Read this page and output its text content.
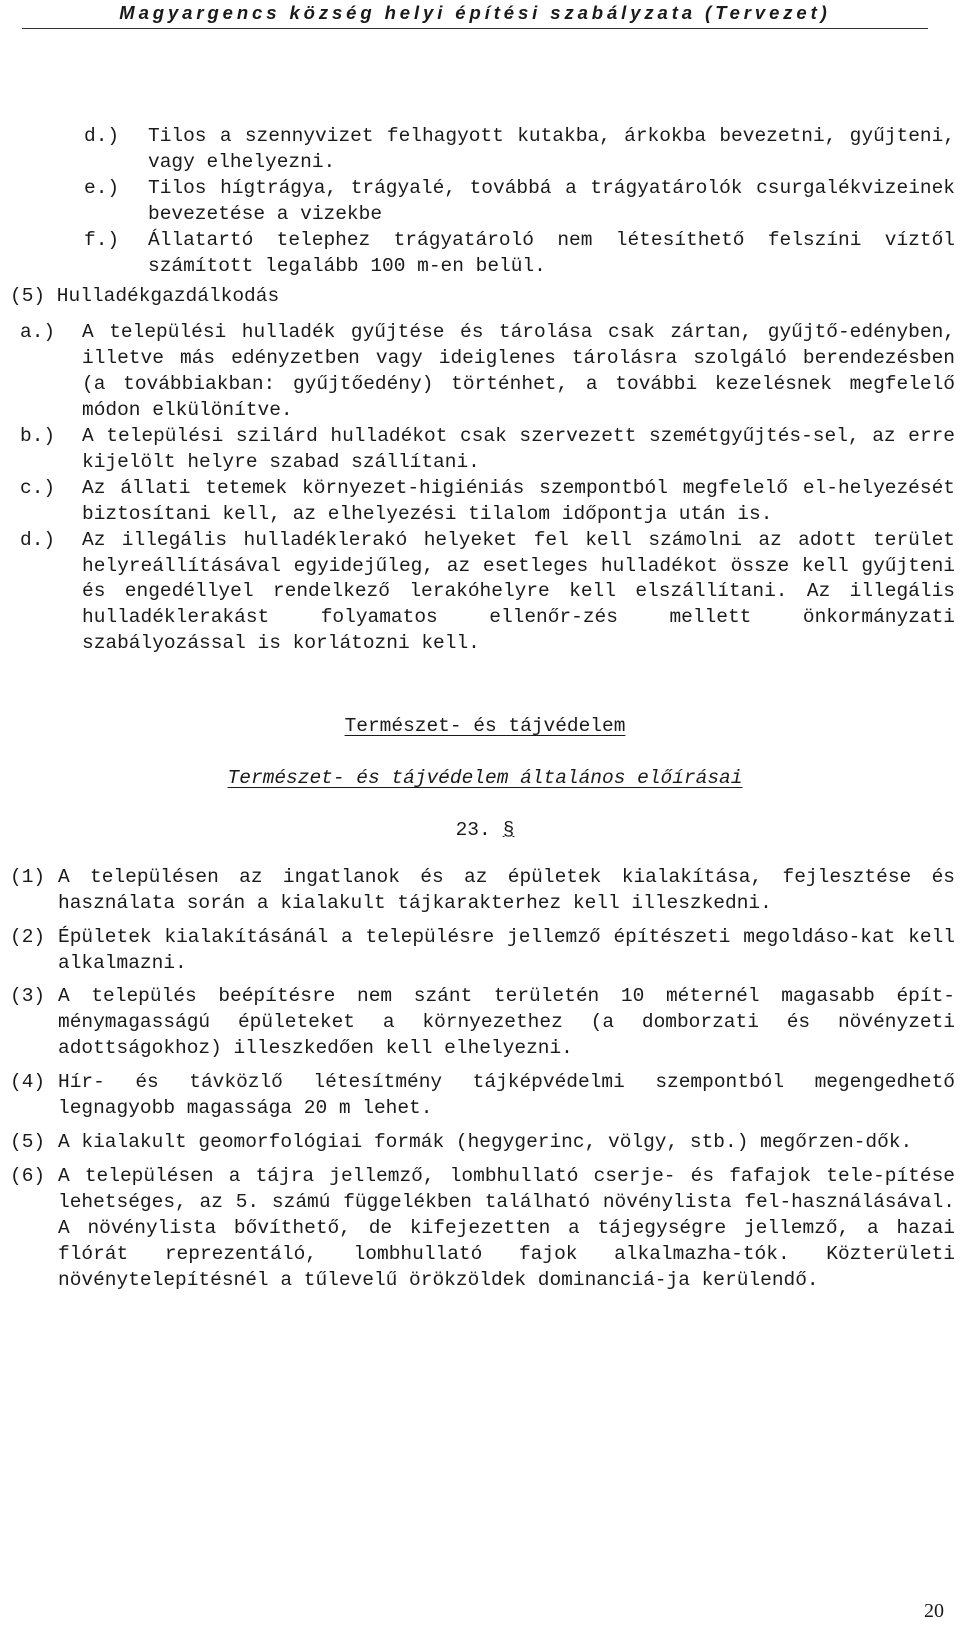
Magyargencs község helyi építési szabályzata (Tervezet)
d.)	Tilos a szennyvizet felhagyott kutakba, árkokba bevezetni, gyűjteni, vagy elhelyezni.
e.)	Tilos hígtrágya, trágyalé, továbbá a trágyatárolók csurgalékvizeinek bevezetése a vizekbe
f.)	Állatartó telephez trágyatároló nem létesíthető felszíni víztől számított legalább 100 m-en belül.
(5) Hulladékgazdálkodás
a.)	A települési hulladék gyűjtése és tárolása csak zártan, gyűjtő-edényben, illetve más edényzetben vagy ideiglenes tárolásra szolgáló berendezésben (a továbbiakban: gyűjtőedény) történhet, a további kezelésnek megfelelő módon elkülönítve.
b.)	A települési szilárd hulladékot csak szervezett szemétgyűjtés-sel, az erre kijelölt helyre szabad szállítani.
c.)	Az állati tetemek környezet-higiéniás szempontból megfelelő el-helyezését biztosítani kell, az elhelyezési tilalom időpontja után is.
d.)	Az illegális hulladéklerakó helyeket fel kell számolni az adott terület helyreállításával egyidejűleg, az esetleges hulladékot össze kell gyűjteni és engedéllyel rendelkező lerakóhelyre kell elszállítani. Az illegális hulladéklerakást folyamatos ellenőr-zés mellett önkormányzati szabályozással is korlátozni kell.
Természet- és tájvédelem
Természet- és tájvédelem általános előírásai
23. §
(1) A településen az ingatlanok és az épületek kialakítása, fejlesztése és használata során a kialakult tájkarakterhez kell illeszkedni.
(2) Épületek kialakításánál a településre jellemző építészeti megoldáso-kat kell alkalmazni.
(3) A település beépítésre nem szánt területén 10 méternél magasabb épít-ménymagasságú épületeket a környezethez (a domborzati és növényzeti adottságokhoz) illeszkedően kell elhelyezni.
(4) Hír- és távközlő létesítmény tájképvédelmi szempontból megengedhető legnagyobb magassága 20 m lehet.
(5) A kialakult geomorfológiai formák (hegygerinc, völgy, stb.) megőrzen-dők.
(6) A településen a tájra jellemző, lombhullató cserje- és fafajok tele-pítése lehetséges, az 5. számú függelékben található növénylista fel-használásával. A növénylista bővíthető, de kifejezetten a tájegységre jellemző, a hazai flórát reprezentáló, lombhullató fajok alkalmazha-tók. Közterületi növénytelepítésnél a tűlevelű örökzöldek dominanciá-ja kerülendő.
20
